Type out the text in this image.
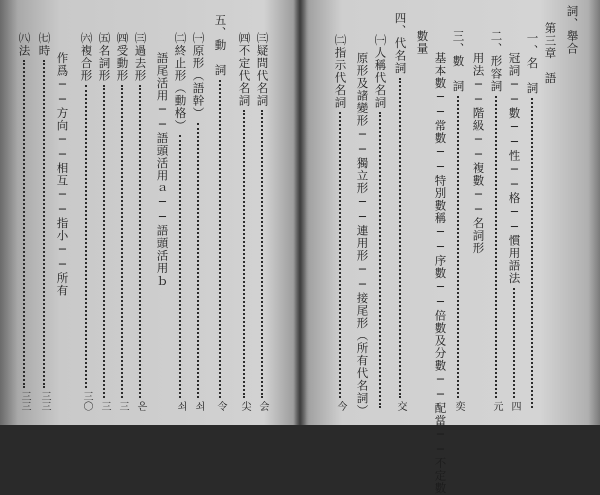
㈢疑問代名詞
会
㈣不定代名詞
尖
五、動　詞
令
㈠原形（語幹）
쇠
㈡終止形（動格）
쇠
語尾活用──語頭活用ａ──語頭活用ｂ
㈢過去形
은
㈣受動形
三
㈤名詞形
三
㈥複合形
三〇
作爲──方向──相互──指小──所有
㈦時
三三
㈧法
三三
詞、舉合
第三章　語
一、名　詞
冠詞──數──性──格──慣用語法
四
二、形容詞
元
用法──階級──複數──名詞形
三、數　詞
奕
基本數──常數──特別數稱──序數──倍數及分數──配當──不定數
數量
四、代名詞
交
㈠人稱代名詞
原形及諸變形──獨立形──連用形──接尾形（所有代名詞）
㈡指示代名詞
今
